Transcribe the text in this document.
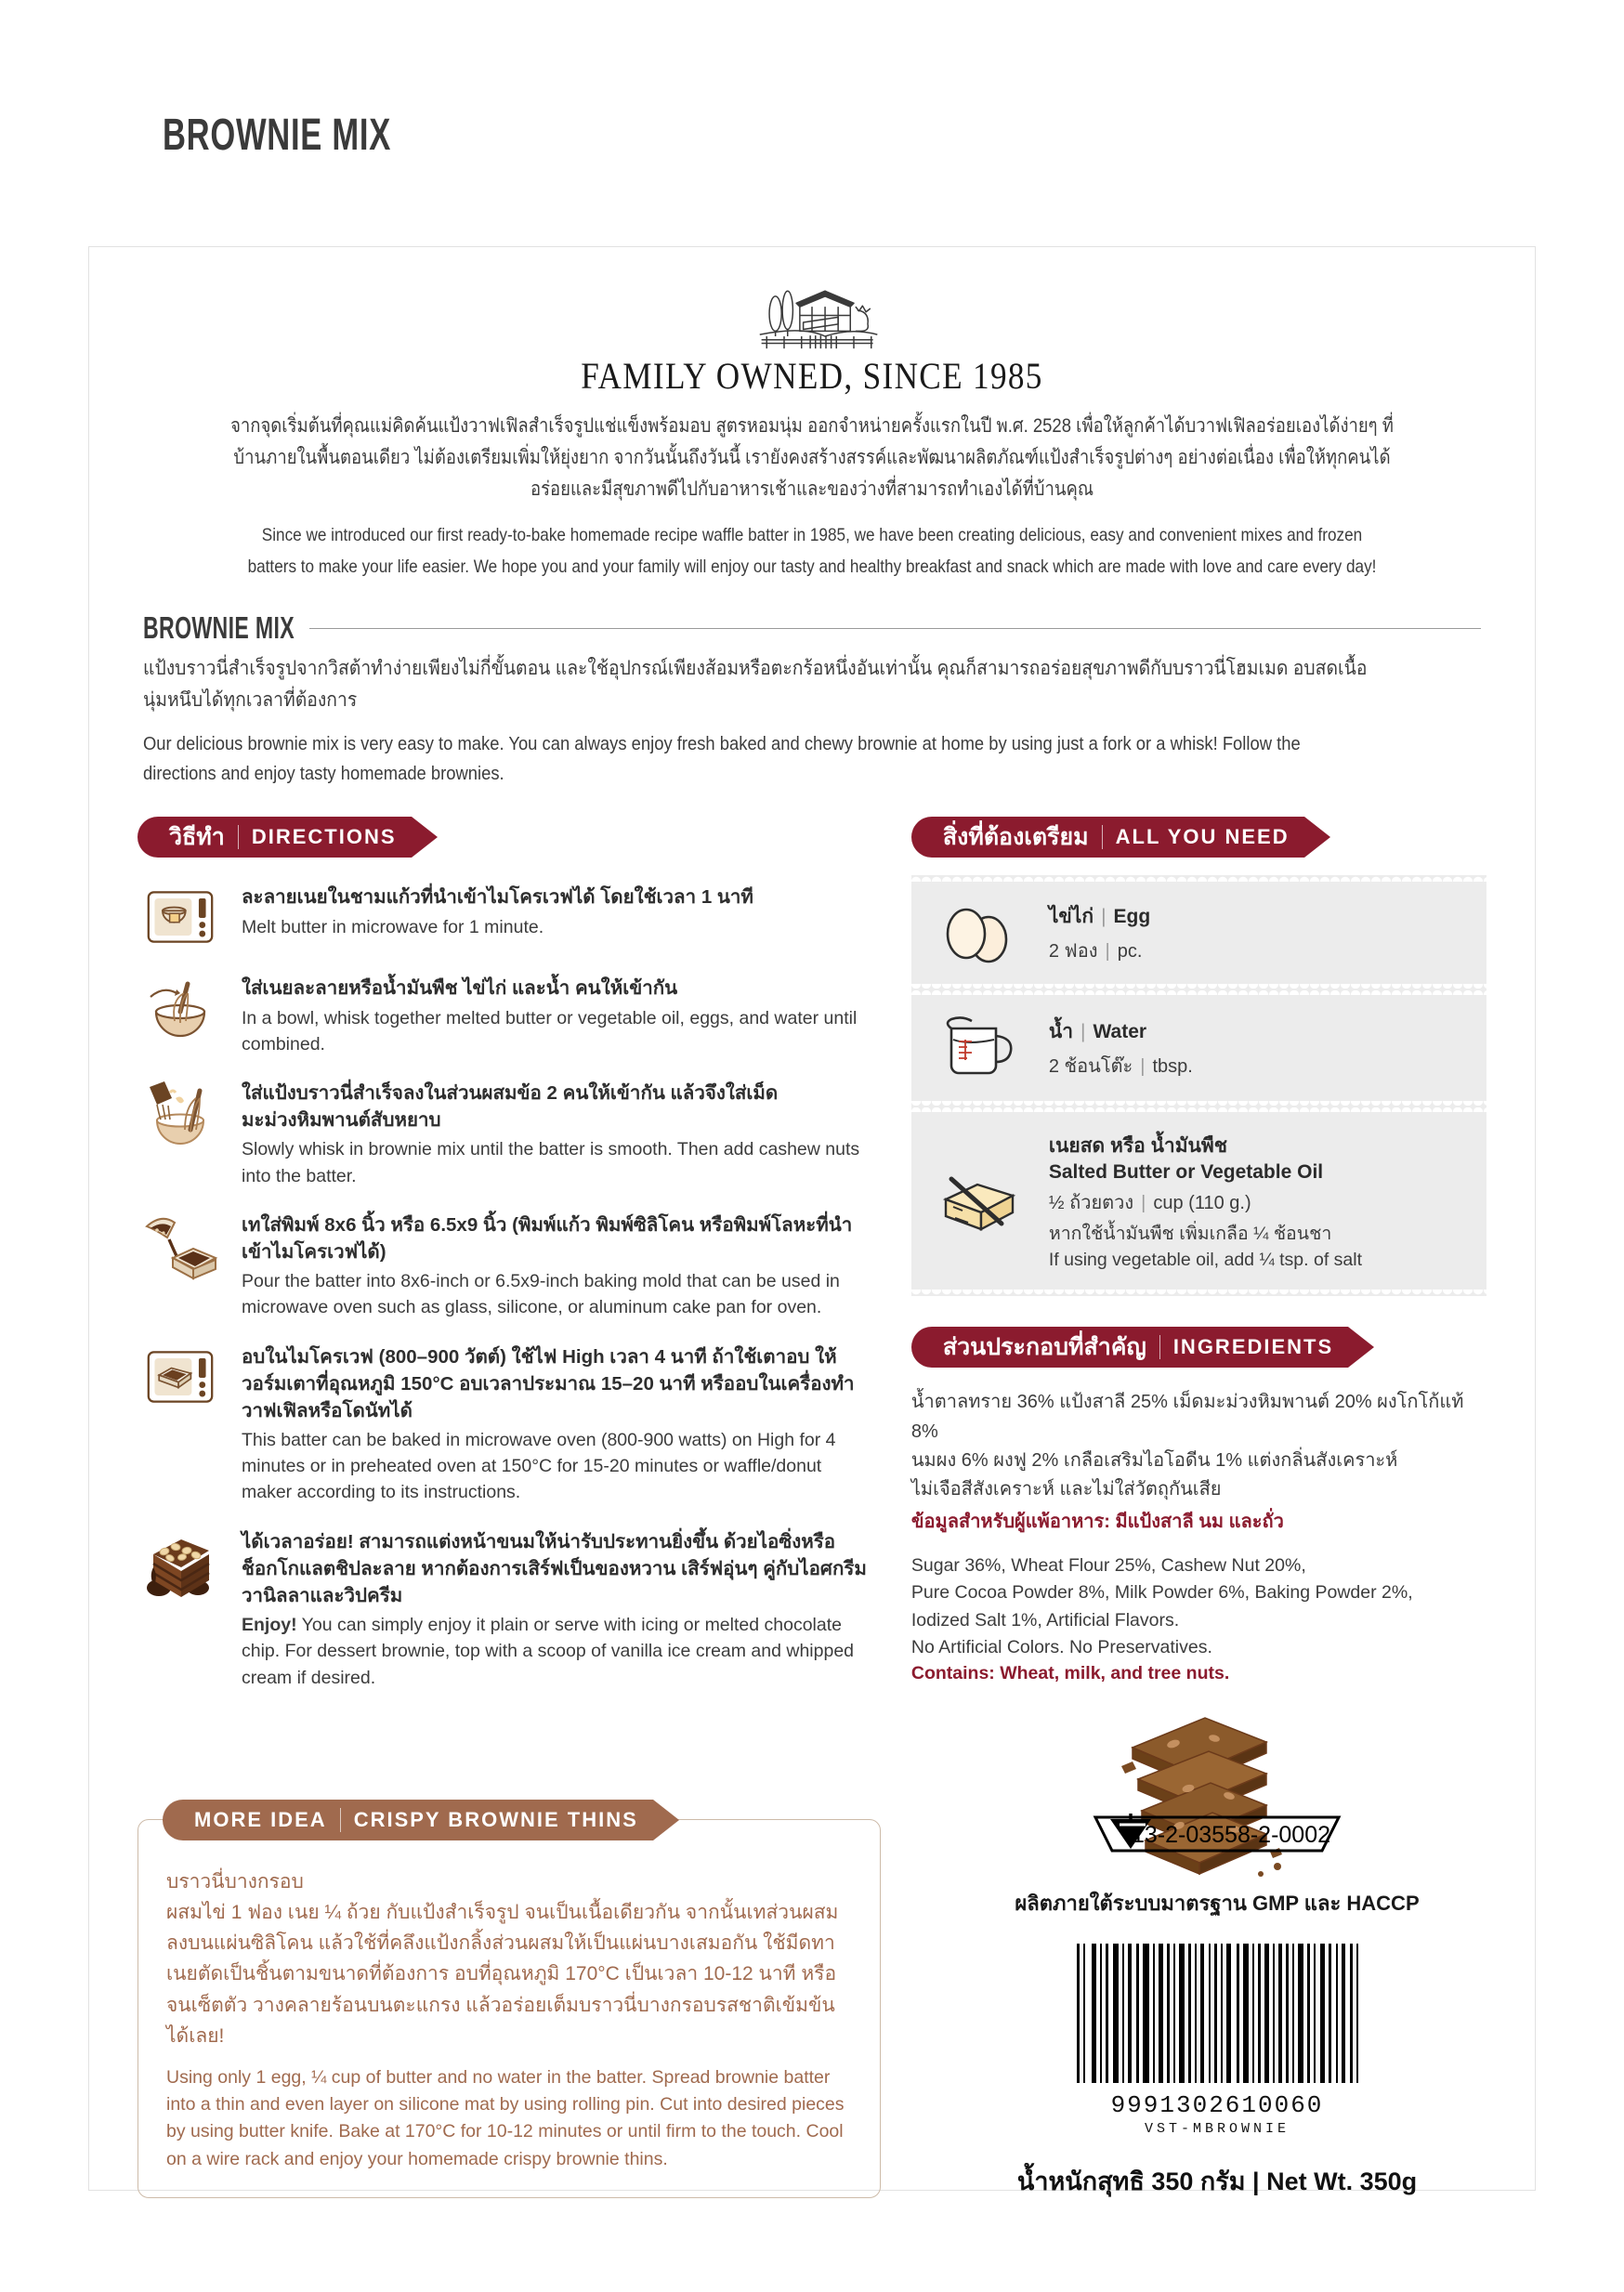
BROWNIE MIX
FAMILY OWNED, SINCE 1985
จากจุดเริ่มต้นที่คุณแม่คิดค้นแป้งวาฟเฟิลสำเร็จรูปแช่แข็งพร้อมอบ สูตรหอมนุ่ม ออกจำหน่ายครั้งแรกในปี พ.ศ. 2528 เพื่อให้ลูกค้าได้บวาฟเฟิลอร่อยเองได้ง่ายๆ ที่บ้านภายในพื้นตอนเดียว ไม่ต้องเตรียมเพิ่มให้ยุ่งยาก จากวันนั้นถึงวันนี้ เรายังคงสร้างสรรค์และพัฒนาผลิตภัณฑ์แป้งสำเร็จรูปต่างๆ อย่างต่อเนื่อง เพื่อให้ทุกคนได้อร่อยและมีสุขภาพดีไปกับอาหารเช้าและของว่างที่สามารถทำเองได้ที่บ้านคุณ
Since we introduced our first ready-to-bake homemade recipe waffle batter in 1985, we have been creating delicious, easy and convenient mixes and frozen batters to make your life easier. We hope you and your family will enjoy our tasty and healthy breakfast and snack which are made with love and care every day!
BROWNIE MIX
แป้งบราวนี่สำเร็จรูปจากวิสต้าทำง่ายเพียงไม่กี่ขั้นตอน และใช้อุปกรณ์เพียงส้อมหรือตะกร้อหนึ่งอันเท่านั้น คุณก็สามารถอร่อยสุขภาพดีกับบราวนี่โฮมเมด อบสดเนื้อนุ่มหนึบได้ทุกเวลาที่ต้องการ
Our delicious brownie mix is very easy to make. You can always enjoy fresh baked and chewy brownie at home by using just a fork or a whisk! Follow the directions and enjoy tasty homemade brownies.
วิธีทำ DIRECTIONS
ละลายเนยในชามแก้วที่นำเข้าไมโครเวฟได้ โดยใช้เวลา 1 นาที
Melt butter in microwave for 1 minute.
ใส่เนยละลายหรือน้ำมันพืช ไข่ไก่ และน้ำ คนให้เข้ากัน
In a bowl, whisk together melted butter or vegetable oil, eggs, and water until combined.
ใส่แป้งบราวนี่สำเร็จลงในส่วนผสมข้อ 2 คนให้เข้ากัน แล้วจึงใส่เม็ดมะม่วงหิมพานต์สับหยาบ
Slowly whisk in brownie mix until the batter is smooth. Then add cashew nuts into the batter.
เทใส่พิมพ์ 8x6 นิ้ว หรือ 6.5x9 นิ้ว (พิมพ์แก้ว พิมพ์ซิลิโคน หรือพิมพ์โลหะที่นำเข้าไมโครเวฟได้)
Pour the batter into 8x6-inch or 6.5x9-inch baking mold that can be used in microwave oven such as glass, silicone, or aluminum cake pan for oven.
อบในไมโครเวฟ (800–900 วัตต์) ใช้ไฟ High เวลา 4 นาที ถ้าใช้เตาอบ ให้วอร์มเตาที่อุณหภูมิ 150°C อบเวลาประมาณ 15–20 นาที หรืออบในเครื่องทำวาฟเฟิลหรือโดนัทได้
This batter can be baked in microwave oven (800-900 watts) on High for 4 minutes or in preheated oven at 150°C for 15-20 minutes or waffle/donut maker according to its instructions.
ได้เวลาอร่อย! สามารถแต่งหน้าขนมให้น่ารับประทานยิ่งขึ้น ด้วยไอซิ่งหรือช็อกโกแลตชิปละลาย หากต้องการเสิร์ฟเป็นของหวาน เสิร์ฟอุ่นๆ คู่กับไอศกรีมวานิลลาและวิปครีม
Enjoy! You can simply enjoy it plain or serve with icing or melted chocolate chip. For dessert brownie, top with a scoop of vanilla ice cream and whipped cream if desired.
สิ่งที่ต้องเตรียม ALL YOU NEED
ไข่ไก่ | Egg
2 ฟอง | pc.
น้ำ | Water
2 ช้อนโต๊ะ | tbsp.
เนยสด หรือ น้ำมันพืช
Salted Butter or Vegetable Oil
½ ถ้วยตวง | cup (110 g.)
หากใช้น้ำมันพืช เพิ่มเกลือ ¼ ช้อนชา
If using vegetable oil, add ¼ tsp. of salt
ส่วนประกอบที่สำคัญ INGREDIENTS
น้ำตาลทราย 36% แป้งสาลี 25% เม็ดมะม่วงหิมพานต์ 20% ผงโกโก้แท้ 8%
นมผง 6% ผงฟู 2% เกลือเสริมไอโอดีน 1% แต่งกลิ่นสังเคราะห์
ไม่เจือสีสังเคราะห์ และไม่ใส่วัตถุกันเสีย
ข้อมูลสำหรับผู้แพ้อาหาร: มีแป้งสาลี นม และถั่ว
Sugar 36%, Wheat Flour 25%, Cashew Nut 20%,
Pure Cocoa Powder 8%, Milk Powder 6%, Baking Powder 2%,
Iodized Salt 1%, Artificial Flavors.
No Artificial Colors. No Preservatives.
Contains: Wheat, milk, and tree nuts.
MORE IDEA CRISPY BROWNIE THINS
บราวนี่บางกรอบ
ผสมไข่ 1 ฟอง เนย ¼ ถ้วย กับแป้งสำเร็จรูป จนเป็นเนื้อเดียวกัน จากนั้นเทส่วนผสมลงบนแผ่นซิลิโคน แล้วใช้ที่คลึงแป้งกลิ้งส่วนผสมให้เป็นแผ่นบางเสมอกัน ใช้มีดทาเนยตัดเป็นชิ้นตามขนาดที่ต้องการ อบที่อุณหภูมิ 170°C เป็นเวลา 10-12 นาที หรือจนเซ็ตตัว วางคลายร้อนบนตะแกรง แล้วอร่อยเต็มบราวนี่บางกรอบรสชาติเข้มข้นได้เลย!
Using only 1 egg, ¼ cup of butter and no water in the batter. Spread brownie batter into a thin and even layer on silicone mat by using rolling pin. Cut into desired pieces by using butter knife. Bake at 170°C for 10-12 minutes or until firm to the touch. Cool on a wire rack and enjoy your homemade crispy brownie thins.
13-2-03558-2-0002
ผลิตภายใต้ระบบมาตรฐาน GMP และ HACCP
9991302610060
VST-MBROWNIE
น้ำหนักสุทธิ 350 กรัม | Net Wt. 350g
